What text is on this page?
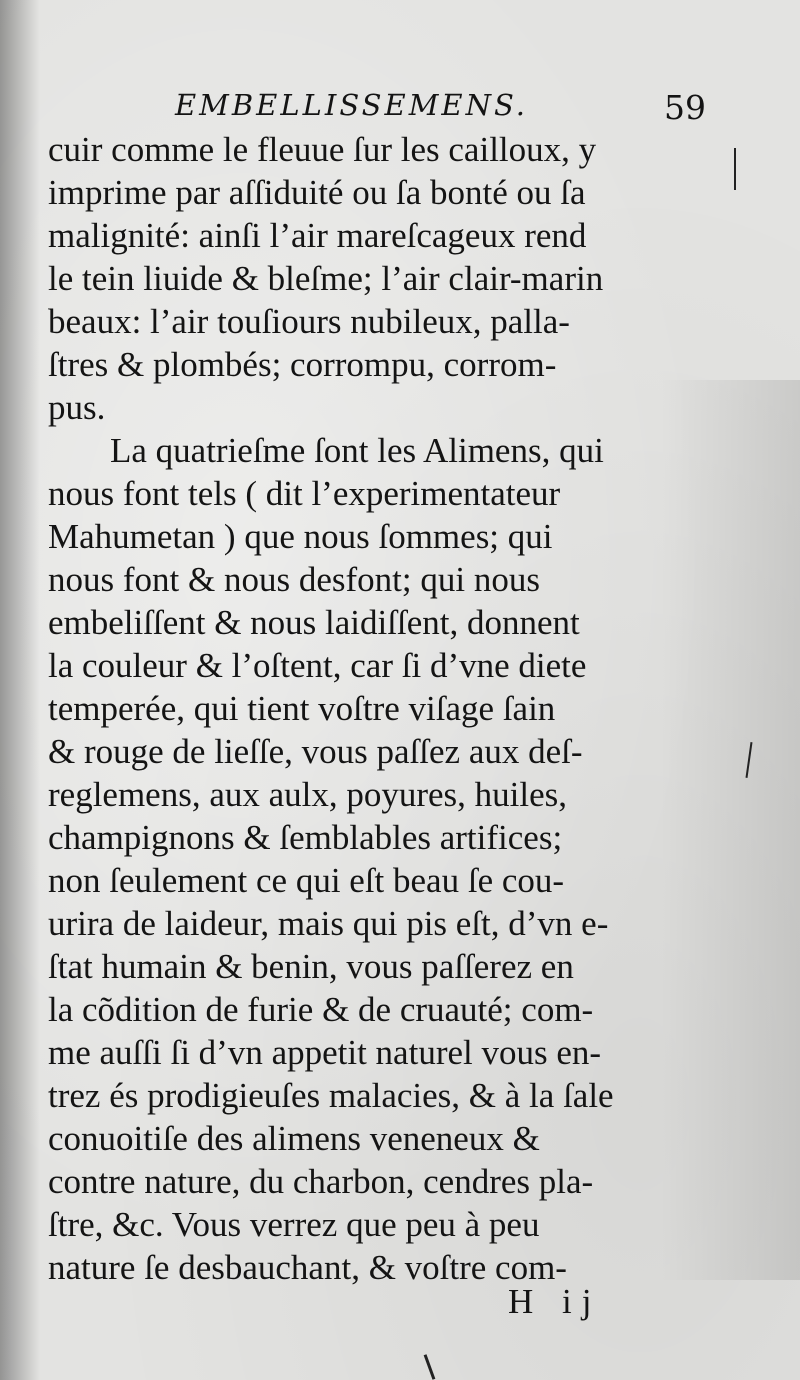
EMBELLISSEMENS.	59
cuir comme le fleuue ſur les cailloux, y
imprime par aſſiduité ou ſa bonté ou ſa
malignité: ainſi l’air mareſcageux rend
le tein liuide & bleſme; l’air clair-marin
beaux: l’air touſiours nubileux, palla-
ſtres & plombés; corrompu, corrom-
pus.
La quatrieſme ſont les Alimens, qui
nous font tels ( dit l’experimentateur
Mahumetan ) que nous ſommes; qui
nous font & nous desfont; qui nous
embeliſſent & nous laidiſſent, donnent
la couleur & l’oſtent, car ſi d’vne diete
temperée, qui tient voſtre viſage ſain
& rouge de lieſſe, vous paſſez aux deſ-
reglemens, aux aulx, poyures, huiles,
champignons & ſemblables artifices;
non ſeulement ce qui eſt beau ſe cou-
urira de laideur, mais qui pis eſt, d’vn e-
ſtat humain & benin, vous paſſerez en
la cõdition de furie & de cruauté; com-
me auſſi ſi d’vn appetit naturel vous en-
trez és prodigieuſes malacies, & à la ſale
conuoitiſe des alimens veneneux &
contre nature, du charbon, cendres pla-
ſtre, &c. Vous verrez que peu à peu
nature ſe desbauchant, & voſtre com-
H ij
